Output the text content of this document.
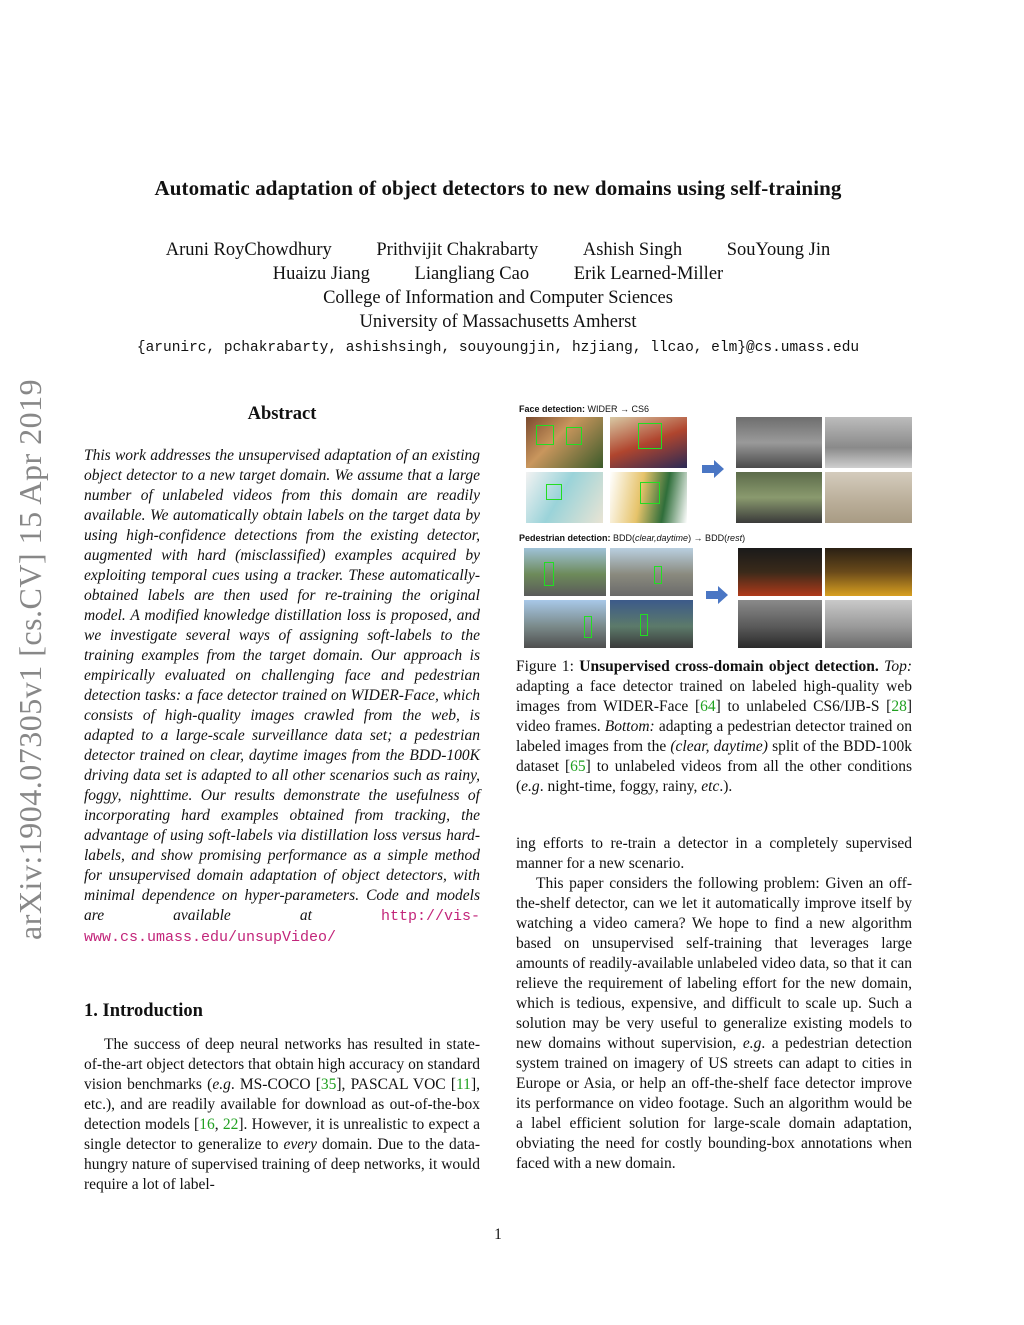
Automatic adaptation of object detectors to new domains using self-training
Aruni RoyChowdhury Prithvijit Chakrabarty Ashish Singh SouYoung Jin
Huaizu Jiang Liangliang Cao Erik Learned-Miller
College of Information and Computer Sciences
University of Massachusetts Amherst
{arunirc, pchakrabarty, ashishsingh, souyoungjin, hzjiang, llcao, elm}@cs.umass.edu
arXiv:1904.07305v1 [cs.CV] 15 Apr 2019	Abstract
This work addresses the unsupervised adaptation of an existing object detector to a new target domain. We assume that a large number of unlabeled videos from this domain are readily available. We automatically obtain labels on the target data by using high-confidence detections from the existing detector, augmented with hard (misclassified) examples acquired by exploiting temporal cues using a tracker. These automatically-obtained labels are then used for re-training the original model. A modified knowledge distillation loss is proposed, and we investigate several ways of assigning soft-labels to the training examples from the target domain. Our approach is empirically evaluated on challenging face and pedestrian detection tasks: a face detector trained on WIDER-Face, which consists of high-quality images crawled from the web, is adapted to a large-scale surveillance data set; a pedestrian detector trained on clear, daytime images from the BDD-100K driving data set is adapted to all other scenarios such as rainy, foggy, nighttime. Our results demonstrate the usefulness of incorporating hard examples obtained from tracking, the advantage of using soft-labels via distillation loss versus hard-labels, and show promising performance as a simple method for unsupervised domain adaptation of object detectors, with minimal dependence on hyper-parameters. Code and models are available at	http://vis-www.cs.umass.edu/unsupVideo/
1. Introduction

The success of deep neural networks has resulted in state-of-the-art object detectors that obtain high accuracy on standard vision benchmarks (e.g. MS-COCO [35], PASCAL VOC [11], etc.), and are readily available for download as out-of-the-box detection models [16, 22]. However, it is unrealistic to expect a single detector to generalize to every domain. Due to the data-hungry nature of supervised training of deep networks, it would require a lot of label-

Face detection: WIDER → CS6
Pedestrian detection: BDD(clear,daytime) → BDD(rest)
Figure 1: Unsupervised cross-domain object detection. Top: adapting a face detector trained on labeled high-quality web images from WIDER-Face [64] to unlabeled CS6/IJB-S [28] video frames. Bottom: adapting a pedestrian detector trained on labeled images from the (clear, daytime) split of the BDD-100k dataset [65] to unlabeled videos from all the other conditions (e.g. night-time, foggy, rainy, etc.).

ing efforts to re-train a detector in a completely supervised manner for a new scenario.

This paper considers the following problem: Given an off-the-shelf detector, can we let it automatically improve itself by watching a video camera? We hope to find a new algorithm based on unsupervised self-training that leverages large amounts of readily-available unlabeled video data, so that it can relieve the requirement of labeling effort for the new domain, which is tedious, expensive, and difficult to scale up. Such a solution may be very useful to generalize existing models to new domains without supervision, e.g. a pedestrian detection system trained on imagery of US streets can adapt to cities in Europe or Asia, or help an off-the-shelf face detector improve its performance on video footage. Such an algorithm would be a label efficient solution for large-scale domain adaptation, obviating the need for costly bounding-box annotations when faced with a new domain.

1
